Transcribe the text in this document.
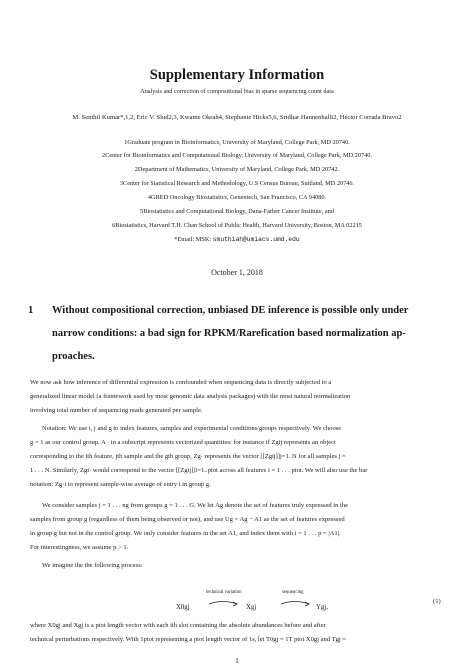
Supplementary Information
Analysis and correction of compositional bias in sparse sequencing count data
M. Senthil Kumar*,1,2, Eric V. Slud2,3, Kwame Okrah4, Stephanie Hicks5,6, Sridhar Hannenhalli2, Héctor Corrada Bravo2
1Graduate program in Bioinformatics, University of Maryland, College Park, MD 20740.
2Center for Bioinformatics and Computational Biology, University of Maryland, College Park, MD 20740.
2Department of Mathematics, University of Maryland, College Park, MD 20742.
3Center for Statistical Research and Methodology, U.S Census Bureau, Suitland, MD 20746.
4GRED Oncology Biostatistics, Genentech, San Francisco, CA 94080.
5Biostatistics and Computational Biology, Dana-Farber Cancer Institute, and
6Biostatistics, Harvard T.H. Chan School of Public Health, Harvard University, Boston, MA 02215
*Email: MSK: smuthiah@umiacs.umd.edu
October 1, 2018
1 Without compositional correction, unbiased DE inference is possible only under
narrow conditions: a bad sign for RPKM/Rarefication based normalization ap-
proaches.
We now ask how inference of differential expression is confounded when sequencing data is directly subjected to a
generalized linear model (a framework used by most genomic data analysis packages) with the most natural normalization
involving total number of sequencing reads generated per sample.
Notation: We use i, j and g to index features, samples and experimental conditions/groups respectively. We choose
g = 1 as our control group. A · in a subscript represents vectorized quantities: for instance if Zgij represents an object
corresponding to the ith feature, jth sample and the gth group, Zg· represents the vector [[Zgij]]j=1..N for all samples j =
1 . . . N. Similarly, Zgi· would correspond to the vector [[Zgij]]i=1..ptot across all features i = 1 . . . ptot. We will also use the bar
notation: Zg·i to represent sample-wise average of entry i in group g.
We consider samples j = 1 . . . ng from groups g = 1 . . . G. We let Ag denote the set of features truly expressed in the
samples from group g (regardless of them being observed or not), and use Ug = Ag − A1 as the set of features expressed
in group g but not in the control group. We only consider features in the set A1, and index them with i = 1 . . . p = |A1|.
For interestingness, we assume p > 1.
We imagine the the following process:
X0gj
technical variation
Xgj
sequencing
Ygj,
(1)
where X0gj and Xgj is a ptot length vector with each ith slot containing the absolute abundances before and after
technical perturbations respectively. With 1ptot representing a ptot length vector of 1s, let T0gj = 1T ptot X0gj and Tgj =
1
